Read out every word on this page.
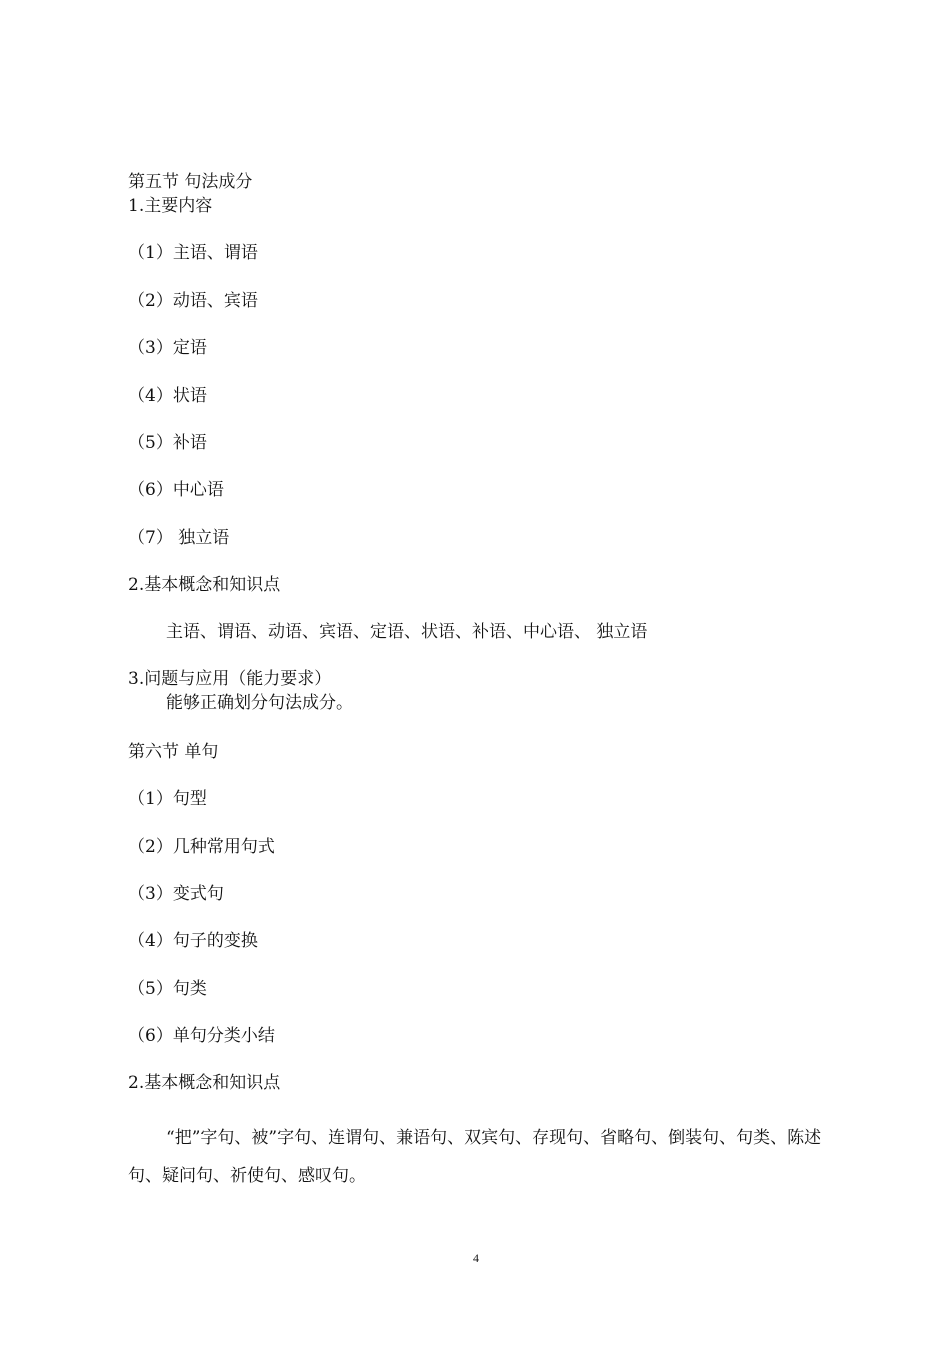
第五节 句法成分

1.主要内容

（1）主语、谓语

（2）动语、宾语

（3）定语

（4）状语

（5）补语

（6）中心语

（7） 独立语

2.基本概念和知识点

主语、谓语、动语、宾语、定语、状语、补语、中心语、 独立语

3.问题与应用（能力要求）

能够正确划分句法成分。

第六节 单句

（1）句型

（2）几种常用句式

（3）变式句

（4）句子的变换

（5）句类

（6）单句分类小结

2.基本概念和知识点

“把”字句、被”字句、连谓句、兼语句、双宾句、存现句、省略句、倒装句、句类、陈述句、疑问句、祈使句、感叹句。

4
